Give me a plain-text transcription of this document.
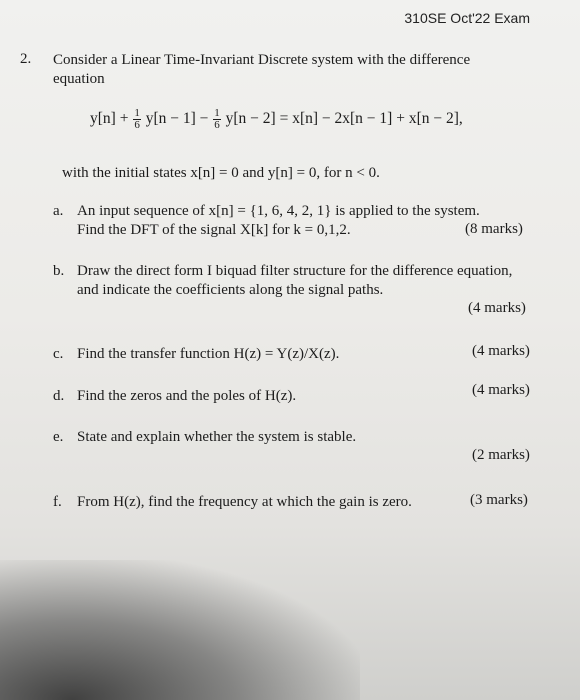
310SE Oct'22 Exam
2. Consider a Linear Time-Invariant Discrete system with the difference
equation
$y[n] + \frac{1}{6} y[n - 1] - \frac{1}{6} y[n - 2] = x[n] - 2x[n - 1] + x[n - 2]$,
with the initial states x[n] = 0 and y[n] = 0, for n < 0.
a. An input sequence of x[n] = {1, 6, 4, 2, 1} is applied to the system.
Find the DFT of the signal X[k] for k = 0,1,2.	(8 marks)
b. Draw the direct form I biquad filter structure for the difference equation,
and indicate the coefficients along the signal paths.
(4 marks)
c. Find the transfer function H(z) = Y(z)/X(z).	(4 marks)
d. Find the zeros and the poles of H(z).	(4 marks)
e. State and explain whether the system is stable.
(2 marks)
f. From H(z), find the frequency at which the gain is zero.	(3 marks)
